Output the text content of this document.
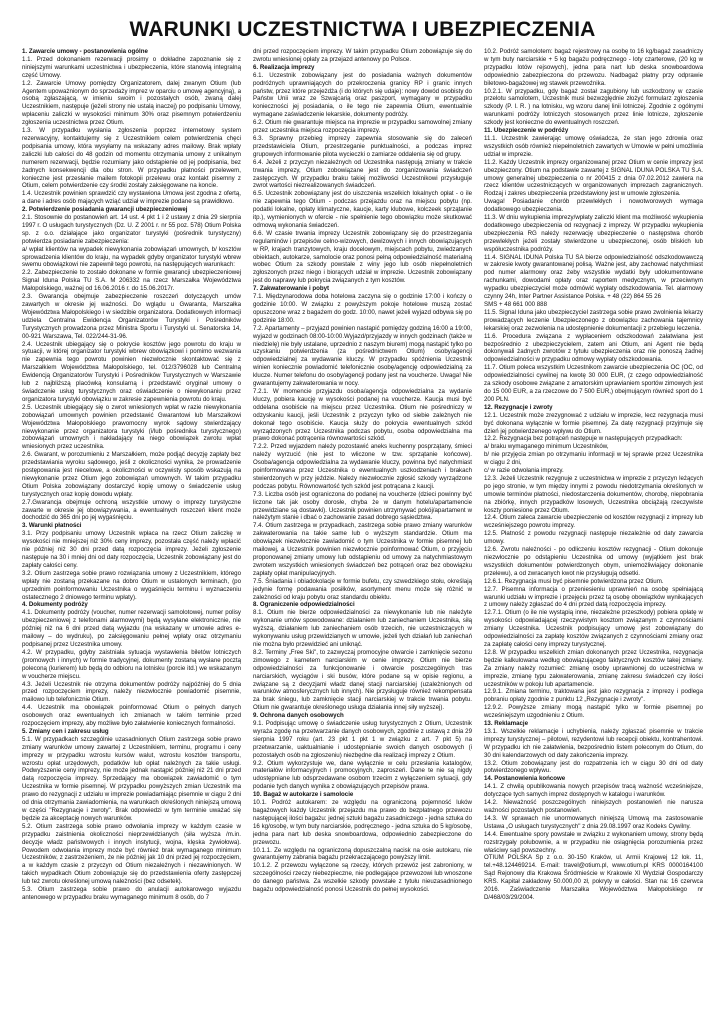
WARUNKI UCZESTNICTWA I UBEZPIECZENIA

1. Zawarcie umowy - postanowienia ogólne

1.1. Przed dokonaniem rezerwacji prosimy o dokładne zapoznanie się z niniejszymi warunkami uczestnictwa i ubezpieczenia, które stanowią integralną część Umowy.

1.2. Zawarcie Umowy pomiędzy Organizatorem, dalej zwanym Otium (lub Agentem upoważnionym do sprzedaży imprez w oparciu o umowę agencyjną), a osobą zgłaszającą, w imieniu swoim i pozostałych osób, zwaną dalej Uczestnikiem, następuje (jeżeli strony nie ustalą inaczej) po podpisaniu Umowy, wpłaceniu zaliczki w wysokości minimum 30% oraz pisemnym potwierdzeniu zgłoszenia uczestnictwa przez Otium.

1.3. W przypadku wysłania zgłoszenia poprzez internetowy system rezerwacyjny, kontaktujemy się z Uczestnikiem celem potwierdzenia chęci podpisania umowy, która wysyłamy na wskazany adres mailowy. Brak wpłaty zaliczki lub całości do 48 godzin od momentu otrzymania umowy z unikalnym numerem rezerwacji, będzie rozumiany jako odstąpienie od jej podpisania, bez żadnych konsekwencji dla obu stron. W przypadku płatności przelewem, konieczne jest przesłanie mailem fotokopii przelewu oraz kontakt pisemny z Otium, celem potwierdzenie czy środki zostały zaksięgowane na koncie.

1.4. Uczestnik powinien sprawdzić czy wystawiona Umowa jest zgodna z ofertą, a dane i adres osób mających wziąć udział w imprezie podane są prawidłowo.

2. Potwierdzenie posiadania gwarancji ubezpieczeniowej

2.1. Stosownie do postanowień art. 14 ust. 4 pkt 1 i 2 ustawy z dnia 29 sierpnia 1997 r. O usługach turystycznych (Dz. U. Z 2001 r. nr 55 poz. 578) Otium Polska sp. z o.o. działające jako organizator turystyki (pośrednik turystyczny) potwierdza posiadanie zabezpieczenia:

a/ wpłat klientów na wypadek niewykonania zobowiązań umownych, b/ kosztów sprowadzenia klientów do kraju, na wypadek gdyby organizator turystyki wbrew swemu obowiązkowi nie zapewnił tego powrotu, na następujących warunkach:

2.2. Zabezpieczenie to zostało dokonane w formie gwarancji ubezpieczeniowej Signal Iduna Polska TU S.A. M 206332 na rzecz Marszałka Województwa Małopolskiego, ważnej od 16.06.2016 r. do 15.06.2017r.

2.3. Gwarancja obejmuje zabezpieczenie roszczeń dotyczących umów zawartych w okresie jej ważności. Do wglądu u Gwaranta, Marszałka Województwa Małopolskiego i w siedzibie organizatora. Dodatkowych informacji udziela Centralna Ewidencja Organizatorów Turystyki i Pośredników Turystycznych prowadzona przez Ministra Sportu i Turystyki ul. Senatorska 14, 00-921 Warszawa, Tel. 022/244-31-96.

2.4. Uczestnik ubiegający się o pokrycie kosztów jego powrotu do kraju w sytuacji, w której organizator turystyki wbrew obowiązkowi i pomimo wezwania nie zapewnia tego powrotu powinien niezwłocznie skontaktować się z Marszałkiem Województwa Małopolskiego, tel. 012/3796028 lub Centralną Ewidencją Organizatorów Turystyki i Pośredników Turystycznych w Warszawie lub z najbliższą placówką konsularną i przedstawić oryginał umowy o świadczenie usług turystycznych oraz oświadczenie o niewykonaniu przez organizatora turystyki obowiązku w zakresie zapewnienia powrotu do kraju.

2.5. Uczestnik ubiegający się o zwrot wniesionych wpłat w razie niewykonania zobowiązań umownych powinien przedstawić Gwarantowi lub Marszałkowi Województwa Małopolskiego prawomocny wyrok sądowy stwierdzający niewykonanie przez organizatora turystyki (i/lub pośrednika turystycznego) zobowiązań umownych i nakładający na niego obowiązek zwrotu wpłat wniesionych przez uczestnika.

2.6. Gwarant, w porozumieniu z Marszałkiem, może podjąć decyzję zapłaty bez przedstawiania wyroku sądowego, jeśli z okoliczności wynika, że prowadzenie postępowania jest niecelowe, a okoliczności w oczywisty sposób wskazują na niewykonanie przez Otium jego zobowiązań umownych. W takim przypadku Otium Polska zobowiązany dostarczyć kopię umowy o świadczenie usług turystycznych oraz kopię dowodu wpłaty.

2.7.Gwarancja obejmuje ochroną wszystkie umowy o imprezy turystyczne zawarte w okresie jej obowiązywania, a ewentualnych roszczeń klient może dochodzić do 365 dni po jej wygaśnięciu.

3. Warunki płatności

3.1. Przy podpisaniu umowy Uczestnik wpłaca na rzecz Otium zaliczkę w wysokości nie mniejszej niż 30% ceny imprezy, pozostała część należy wpłacić nie później niż 30 dni przed datą rozpoczęcia imprezy. Jeżeli zgłoszenie następuje na 30 i mniej dni od daty rozpoczęcia, Uczestnik zobowiązany jest do zapłaty całości ceny.

3.2. Otium zastrzega sobie prawo rozwiązania umowy z Uczestnikiem, którego wpłaty nie zostaną przekazane na dobro Otium w ustalonych terminach, (po uprzednim poinformowaniu Uczestnika o wygaśnięciu terminu i wyznaczeniu ostatecznego 2 dniowego terminu wpłaty).

4. Dokumenty podróży

4.1. Dokumenty podróży (voucher, numer rezerwacji samolotowej, numer polisy ubezpieczeniowej z telefonami alarmowymi) będą wysyłane elektronicznie, nie później niż na 6 dni przed datą wyjazdu (na wskazany w umowie adres e-mailowy – do wydruku), po zaksięgowaniu pełnej wpłaty oraz otrzymaniu podpisanej przez Uczestnika umowy.

4.2. W przypadku, gdyby zaistniała sytuacja wystawienia biletów lotniczych (promowych i innych) w formie tradycyjnej, dokumenty zostaną wysłane pocztą poleconą (kurierem) lub będą do odbioru na lotnisku (porcie itd.) we wskazanym w voucherze miejscu.

4.3. Jeżeli Uczestnik nie otrzyma dokumentów podróży najpóźniej do 5 dnia przed rozpoczęciem imprezy, należy niezwłocznie powiadomić pisemnie, mailowo lub telefonicznie Otium.

4.4. Uczestnik ma obowiązek poinformować Otium o pełnych danych osobowych oraz ewentualnych ich zmianach w takim terminie przed rozpoczęciem imprezy, aby możliwe było załatwienie koniecznych formalności.

5. Zmiany cen i zakresu usług

5.1. W przypadkach szczególnie uzasadnionych Otium zastrzega sobie prawo zmiany warunków umowy zawartej z Uczestnikiem, terminu, programu i ceny imprezy w przypadku wzrostu kursów walut, wzrostu kosztów transportu, wzrostu opłat urzędowych, podatków lub opłat należnych za takie usługi. Podwyższenie ceny imprezy, nie może jednak nastąpić później niż 21 dni przed datą rozpoczęcia imprezy. Sprzedający ma obowiązek zawiadomić o tym Uczestnika w formie pisemnej. W przypadku powyższych zmian Uczestnik ma prawo do rezygnacji z udziału w imprezie powiadamiając pisemnie w ciągu 2 dni od dnia otrzymania zawiadomienia, na warunkach określonych niniejszą umową w części "Rezygnacje i zwroty". Brak odpowiedzi w tym terminie uważać się będzie za akceptację nowych warunków.

5.2. Otium zastrzega sobie prawo odwołania imprezy w każdym czasie w przypadku zaistnienia okoliczności nieprzewidzianych (siła wyższa /m.in. decyzje władz państwowych i innych instytucji, wojna, klęska żywiołowa). Powodem odwołania imprezy może być również brak wymaganego minimum Uczestników, z zastrzeżeniem, że nie później jak 10 dni przed jej rozpoczęciem, a w każdym czasie z przyczyn od Otium niezależnych i niezawinionych. W takich wypadkach Otium zobowiązuje się do przedstawienia oferty zastępczej lub też zwrotu określonej umową należności (bez odsetek).

5.3. Otium zastrzega sobie prawo do anulacji autokarowego wyjazdu antenowego w przypadku braku wymaganego minimum 8 osób, do 7

dni przed rozpoczęciem imprezy. W takim przypadku Otium zobowiązuje się do zwrotu wniesionej opłaty za przejazd antenowy po Polsce.

6. Realizacja imprezy

6.1. Uczestnik zobowiązany jest do posiadania ważnych dokumentów podróżnych uprawniających do przekroczenia granicy RP i granic innych państw, przez które przejeżdża (i do których się udaje): nowy dowód osobisty do Państw Unii wraz ze Szwajcarią oraz paszport, wymagany w przypadku konieczności jej posiadania, o ile tego nie zapewnia Otium, ewentualnie wymagane zaświadczenie lekarskie, dokumenty podróży.

6.2. Otium nie gwarantuje miejsca na imprezie w przypadku samowolnej zmiany przez uczestnika miejsca rozpoczęcia imprezy.

6.3. Sprawny przebieg imprezy zapewnia stosowanie się do zaleceń przedstawiciela Otium, przestrzeganie punktualności, a podczas imprez grupowych informowanie pilota wycieczki o zamiarze oddalenia się od grupy.

6.4. Jeżeli z przyczyn niezależnych od Uczestnika następują zmiany w trakcie trwania imprezy, Otium zobowiązane jest do zorganizowania świadczeń zastępczych. W przypadku braku takiej możliwości Uczestnikowi przysługuje zwrot wartości niezrealizowanych świadczeń.

6.5. Uczestnik zobowiązany jest do uiszczenia wszelkich lokalnych opłat - o ile nie zapewnia tego Otium - podczas przejazdu oraz na miejscu pobytu (np. podatki lokalne, opłaty klimatyczne, kaucje, karty klubowe, kolczeek sprzątanie itp.), wymienionych w ofercie - nie spełnienie tego obowiązku może skutkować odmową wykonania świadczeń.

6.6. W czasie trwania imprezy Uczestnik zobowiązany się do przestrzegania regulaminów i przepisów celno-wizowych, dewizowych i innych obowiązujących w RP, krajach tranzytowych, kraju docelowym, miejscach pobytu, zwiedzanych obiektach, autokarze, samolocie oraz ponosi pełną odpowiedzialność materialną wobec Otium za szkody powstałe z winy jego lub osób niepełnoletnich zgłoszonych przez niego i biorących udział w imprezie. Uczestnik zobowiązany jest do naprawy lub pokrycia związanych z tym kosztów.

7. Zakwaterowanie i pobyt

7.1. Międzynarodowa doba hotelowa zaczyna się o godzinie 17:00 i kończy o godzinie 10:00. W związku z powyższym pokoje hotelowe muszą zostać opuszczone wraz z bagażem do godz. 10:00, nawet jeżeli wyjazd odbywa się po godzinie 18:00.

7.2. Apartamenty – przyjazd powinien nastąpić pomiędzy godziną 16:00 a 19:00, wyjazd w godzinach 08:00-10:00.Wyjazd/przyjazdy w innych godzinach (także w niedzielę) nie były ustalane, uprzednio z naszym biurem) mogą nastąpić tylko po uzyskaniu potwierdzenia (za pośrednictwem Otium) osoby/agencji odpowiedzialnej za wydawanie kluczy. W przypadku spóźnienia Uczestnik winien koniecznie powiadomić telefonicznie osobę/agencję odpowiedzialną za klucze. Numer telefonu do osoby/agencji podany jest na voucherze. Uwaga! Nie gwarantujemy zakwaterowania w nocy.

7.2.1. W momencie przyjazdu osoba/agencja odpowiedzialna za wydanie kluczy, pobiera kaucję w wysokości podanej na voucherze. Kaucja musi być oddelana osobiście na miejscu przez Uczestnika. Otium nie pośredniczy w odzyskaniu kaucji, jeśli Uczestnik z przyczyn tylko od siebie zależnych nie dokonał tego osobiście. Kaucja służy do pokrycia ewentualnych szkód wyrządzonych przez Uczestnika podczas pobytu, osoba odpowiedzialna ma prawo dokonać potrącenia równowartości szkód.

7.2.2. Przed wyjazdem należy pozostawić aneks kuchenny posprzątany, śmieci należy wyrzucić (nie jest to wliczone w tzw. sprzątanie końcowe). Osoba/agencja odpowiedzialna za wydawanie kluczy, powinna być natychmiast poinformowana przez Uczestnika o ewentualnych uszkodzeniach i brakach stwierdzonych w przy jeździe. Należy niezwłocznie zgłosić szkody wyrządzone podczas pobytu. Równowartość tych szkód jest potrącana z kaucji.

7.3. Liczba osób jest ograniczona do podanej na voucherze (dzieci powinny być liczone tak jak osoby dorosłe, chyba że w danym hotelu/apartamencie przewidziane są dostawki). Uczestnik powinien utrzymywać pokój/apartament w należytym stanie i dbać o zachowanie zasad dobrego sąsiedztwa.

7.4. Otium zastrzega w przypadkach, zastrzega sobie prawo zmiany warunków zakwaterowania na takie same lub o wyższym standardzie. Otium ma obowiązek niezwłocznie zawiadomić o tym Uczestnika w formie pisemnej lub mailowej, a Uczestnik powinien niezwłocznie poinformować Otium, o przyjęciu proponowanej zmiany umowy lub odstąpieniu od umowy za natychmiastowym zwrotem wszystkich wniesionych świadczeń bez potrąceń oraz bez obowiązku zapłaty opłat manipulacyjnych.

7.5. Śniadania i obiadokolacje w formie bufetu, czy szwedzkiego stołu, określają jedynie formę podawania posiłków, asortyment menu może się różnić w zależności od kraju pobytu oraz standardu obiektu.

8. Ograniczenie odpowiedzialności

8.1. Otium nie bierze odpowiedzialności za niewykonanie lub nie należyte wykonanie umów spowodowane: działaniem lub zaniechaniem Uczestnika, siłą wyższą, działaniem lub zaniechaniem osób trzecich, nie uczestniczących w wykonywaniu usług przewidzianych w umowie, jeżeli tych działań lub zaniechań nie można było przewidzieć ani uniknąć.

8.2. Terminy „Free Ski", to zazwyczaj promocyjne otwarcie i zamknięcie sezonu zimowego z karnetem narciarskim w cenie imprezy. Otium nie bierze odpowiedzialności za funkcjonowanie i otwarcie poszczególnych tras narciarskich, wyciągów i ski busów, które podane są w opisie regionu, a związane są z decyzjami władz danej stacji narciarskiej (uzależnionych od warunków atmosferycznych lub innych). Nie przysługuje również rekompensata za brak śniegu, lub zamknięcie stacji narciarskiej w trakcie trwania pobytu. Otium nie gwarantuje określonego usługa działania innej siły wyższej).

9. Ochrona danych osobowych

9.1. Podpisując umowę o świadczenie usług turystycznych z Otium, Uczestnik wyraża zgodę na przetwarzanie danych osobowych, zgodnie z ustawą z dnia 29 sierpnia 1997 roku (art. 23 pkt 1 pkt 1 w związku z art. 7 pkt 5) na przetwarzanie, uaktualnianie i udostępnianie swoich danych osobowych (i pozostałych osób na zgłoszeniu) niezbędne dla realizacji imprezy z Otium.

9.2. Otium wykorzystuje we, dane wyłącznie w celu przesłania katalogów, materiałów informacyjnych i promocyjnych, zaproszeń. Dane te nie są nigdy udostępniane lub odsprzedawane osobom trzecim z wyłączeniem sytuacji, gdy podanie tych danych wynika z obowiązujących przepisów prawa.

10. Bagaż w autokarze i samolocie

10.1. Podróż autokarem: ze względu na ograniczoną pojemność luków bagażowych każdy Uczestnik przejazdu ma prawo do bezpłatnego przewozu następującej ilości bagażu: jednej sztuki bagażu zasadniczego - jedna sztuka do 16 kg/osobę, w tym buty narciarskie, podręcznego - jedna sztuka do 5 kg/osobę, jedna para nart lub deska snowboardowa, odpowiednio zabezpieczone do przewozu.

10.1.1. Ze względu na ograniczoną dopuszczalną nacisk na osie autokaru, nie gwarantujemy zabrania bagażu przekraczającego powyższy limit.

10.1.2. Z przewozu wyłączone są rzeczy, których przewóz jest zabroniony, w szczególności rzeczy niebezpieczne, nie podlegające przewozowi lub wnoszone do danego państwa. Za wszelkie szkody powstałe z tytułu nieuzasadnionego bagażu odpowiedzialność ponosi Uczestnik do pełnej wysokości.

10.2. Podróż samolotem: bagaż rejestrowy na osobę to 16 kg/bagaż zasadniczy w tym buty narciarskie + 5 kg bagażu podręcznego - loty czarterowe, (20 kg w przypadku lotów rejsowych), jedna para nart lub deska snowboardowa odpowiednio zabezpieczona do przewozu. Nadbagaż płatny przy odprawie biletowo-bagażowej wg stawek przewoźnika.

10.2.1. W przypadku, gdy bagaż został zagubiony lub uszkodzony w czasie przelotu samolotem, Uczestnik musi bezwzględnie złożyć formularz zgłoszenia szkody (P. I. R. ) na lotnisku, wg wzoru danej linii lotniczej. Zgodnie z ogólnymi warunkami podróży lotniczych stosowanych przez linie lotnicze, zgłoszenie szkody jest konieczne do ewentualnych roszczeń.

11. Ubezpieczenie w podróży

11.1. Uczestnik zawierając umowę oświadcza, że stan jego zdrowia oraz wszystkich osób również niepełnoletnich zawartych w Umowie w pełni umożliwia udział w imprezie.

11.2. Każdy Uczestnik imprezy organizowanej przez Otium w cenie imprezy jest ubezpieczony. Otium na podstawie zawartej z SIGNAL IDUNA POLSKA TU S.A. umowy generalnej ubezpieczenia o nr 200415 z dnia 07.02.2012 zawiera na rzecz klientów uczestniczących w organizowanych imprezach zagranicznych. Rodzaj i zakres ubezpieczenia przedstawiony jest w umowie zgłoszenia.

Uwaga! Posiadanie chorób przewlekłych i nowotworowych wymaga dodatkowego ubezpieczenia.

11.3. W dniu wykupienia imprezy/wpłaty zaliczki klient ma możliwość wykupienia dodatkowego ubezpieczenia od rezygnacji z imprezy. W przypadku wykupienia ubezpieczenia RG należy rezerwację ubezpieczenie o następstwa chorób przewlekłych jeżeli zostały stwierdzone u ubezpieczonej, osób bliskich lub współuczestnika podróży.

11.4. SIGNAL IDUNA Polska TU SA bierze odpowiedzialność odszkodowawczą w zakresie kwoty gwarantowanej polisą. Ważne jest, aby zachować natychmiast pod numer alarmowy oraz żeby wszystkie wydatki były udokumentowane rachunkami, dowodami opłaty oraz raportem medycznym, w przeciwnym wypadku ubezpieczyciel może odmówić wypłaty odszkodowania. Tel. alarmowy czynny 24h, Inter Partner Assistance Polska. + 48 (22) 864 55 26

SMS + 48 661 000 888

11.5. Signal Iduna jako ubezpieczyciel zastrzega sobie prawo zwolnienia lekarzy prowadzących leczenie Ubezpieczonego z obowiązku zachowania tajemnicy lekarskiej oraz zezwolenia na udostępnienie dokumentacji z przebiegu leczenia.

11.6. Procedura związana z wypłaceniem odszkodowań załatwiana jest bezpośrednio z ubezpieczycielem, zatem ani Otium, ani Agent nie będą dokonywali żadnych zwrotów z tytułu ubezpieczenia oraz nie ponoszą żadnej odpowiedzialności w przypadku odmowy wypłaty odszkodowania.

11.7. Otium poleca wszystkim Uczestnikom zawarcie ubezpieczenia OC (OC, od odpowiedzialności cywilnej na kwotę 30 000 EUR, (z czego odpowiedzialność za szkody osobowe związane z amatorskim uprawianiem sportów zimowych jest do 15 000 EUR, a za rzeczowe do 7 500 EUR,) obejmującym również sport do 1 200 PLN.

12. Rezygnacje i zwroty

12.1. Uczestnik może zrezygnować z udziału w imprezie, lecz rezygnacja musi być dokonana wyłącznie w formie pisemnej. Za datę rezygnacji przyjmuje się dzień jej potwierdzenego wpływu do Otium.

12.2. Rezygnacja bez potrąceń następuje w następujących przypadkach:

a/ braku wymaganego minimum Uczestników,

b/ nie przyjęcia zmian po otrzymaniu informacji w tej sprawie przez Uczestnika w ciągu 2 dni,

c/ w razie odwołania imprezy.

12.3. Jeżeli Uczestnik rezygnuje z uczestnictwa w imprezie z przyczyn leżących po jego stronie, w tym między innymi z powodu niedotrzymania określonych w umowie terminów płatności, niedostarczenia dokumentów, chorobę, niepobrania na zbiórkę, innych przypadków losowych, Uczestnika obciążają rzeczywiste koszty poniesione przez Otium.

12.4. Otium zaleca zawarcie ubezpieczenie od kosztów rezygnacji z imprezy lub wcześniejszego powrotu imprezy.

12.5. Płatność z powodu rezygnacji następuje niezależnie od daty zawarcia umowy.

12.6. Zwrotu należności - po odliczeniu kosztów rezygnacji - Otium dokonuje niezwłocznie po odstąpieniu Uczestnika od umowy (wyjątkiem jest brak wszystkich dokumentów potwierdzonych obym, uniemożliwiający dokonanie przelewu), a od zwracanych kwot nie przysługują odsetki.

12.6.1. Rezygnacja musi być pisemnie potwierdzona przez Otium.

12.7. Pisemna informacja o przeniesieniu uprawnień na osobę spełniającą warunki udziału w imprezie i przejęciu przez tą osobę obowiązków wynikających z umowy należy zgłaszać do 4 dni przed datą rozpoczęcia imprezy.

12.7.1. Otium (o ile nie wystąpią inne, niezależne przeszkody) pobiera opłatę w wysokości odpowiadającej rzeczywistym kosztom związanym z czynnościami zmiany Uczestnika. Uczestnik podpisujący umowę jest zobowiązany do odpowiedzialności za zapłatę kosztów związanych z czynnościami zmiany oraz za zapłatę całości ceny imprezy turystycznej.

12.8. W przypadku wszelkich zmian dokonanych przez Uczestnika, rezygnacja będzie kalkulowana według obowiązującego faktycznych kosztów takej zmiany. Za zmiany należy rozumieć: zmianę osoby uprawnionej do uczestnictwa w imprezie, zmianę typu zakwaterowania, zmianę zakresu świadczeń czy ilości uczestników w pokoju lub apartamencie.

12.9.1. Zmiana terminu, traktowana jest jako rezygnacja z imprezy i podlega pobraniu opłaty zgodnie z punktu 12 „Rezygnacje i zwroty".

12.9.2. Powyższe zmiany mogą nastąpić tylko w formie pisemnej po wcześniejszym uzgodnieniu z Otium.

13. Reklamacje

13.1. Wszelkie reklamacje i uchybienia, należy zgłaszać pisemnie w trakcie imprezy turystycznej – pilotowi, rezydentowi lub recepcji obiektu, kontrahentowi. W przypadku ich nie załatwienia, bezpośrednio listem poleconym do Otium, do 30 dni kalendarzowych od daty zakończenia imprezy.

13.2. Otium zobowiązany jest do rozpatrzenia ich w ciągu 30 dni od daty potwierdzonego wpływu.

14. Postanowienia końcowe

14.1. Z chwilą opublikowania nowych przepisów tracą ważność wcześniejsze, dotyczące tych samych imprez dostępnych w katalogu i warunków.

14.2. Nieważność poszczególnych niniejszych postanowień nie narusza ważności pozostałych postanowień.

14.3. W sprawach nie unormowanych niniejszą Umową ma zastosowanie Ustawa „O usługach turystycznych" z dnia 29.08.1997 oraz Kodeks Cywilny.

14.4. Ewentualne spory powstałe w związku z wykonaniem umowy, strony będą rozstrzygały polubownie, a w przypadku nie osiągnięcia porozumienia przez właściwy sąd powszechny.

OTIUM POLSKA Sp z o.o. 30-150 Kraków, ul. Armii Krajowej 12 lok. 11, tel.+48.124469214. E-mail: travel@otium.pl, www.otium.pl KRS 0000164100 Sąd Rejonowy dla Krakowa Śródmieście w Krakowie XI Wydział Gospodarczy KRS. Kapitał zakładowy 50.000,00 zł, pokryty w całości. Stan na: 16 czerwca 2016. Zaświadczenie Marszałka Województwa Małopolskiego nr D/468/03/29/2004.
